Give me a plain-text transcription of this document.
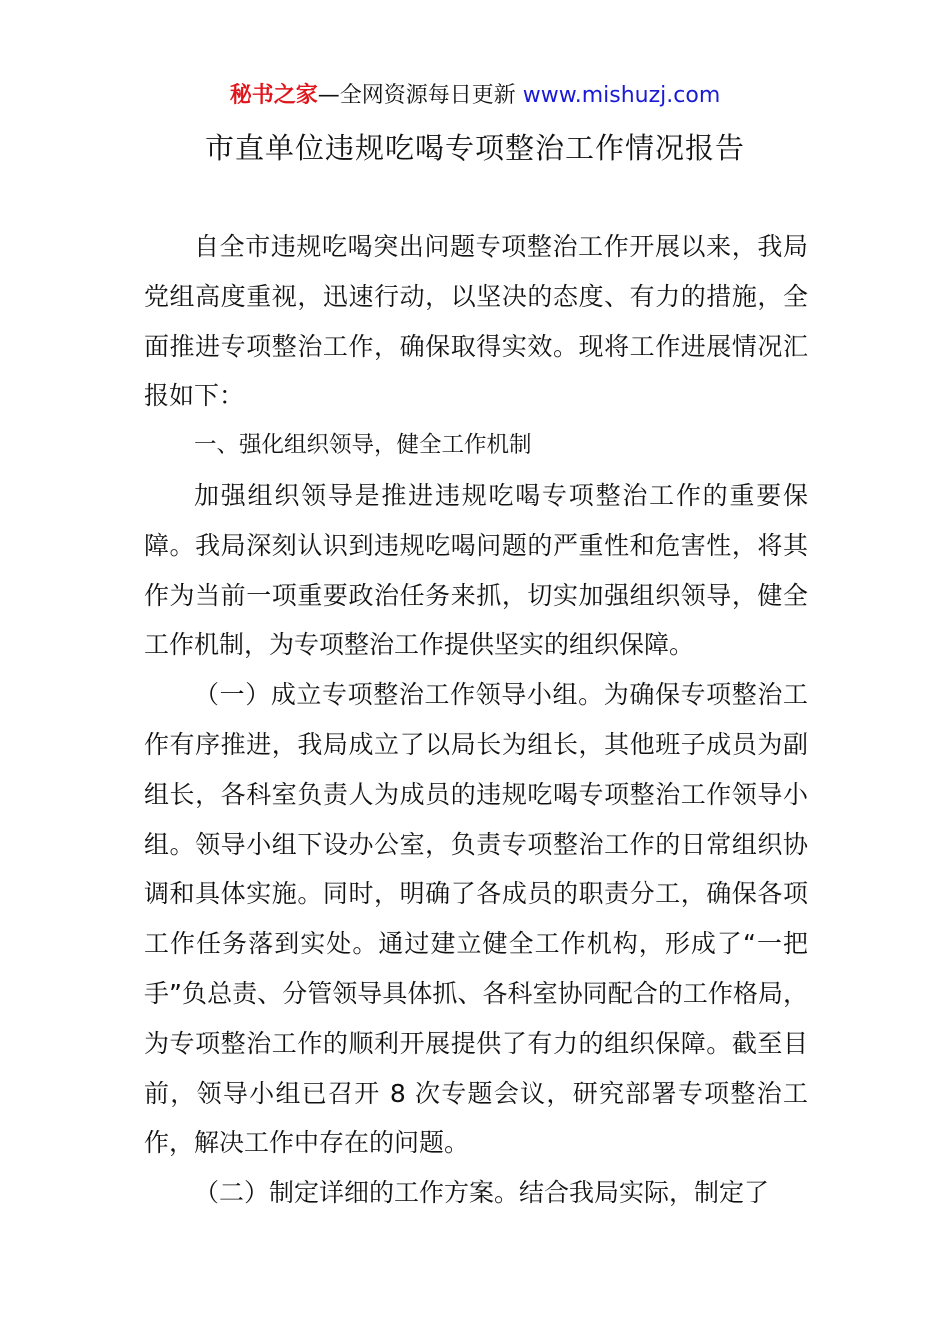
秘书之家—全网资源每日更新 www.mishuzj.com
市直单位违规吃喝专项整治工作情况报告

自全市违规吃喝突出问题专项整治工作开展以来，我局党组高度重视，迅速行动，以坚决的态度、有力的措施，全面推进专项整治工作，确保取得实效。现将工作进展情况汇报如下：

一、强化组织领导，健全工作机制

加强组织领导是推进违规吃喝专项整治工作的重要保障。我局深刻认识到违规吃喝问题的严重性和危害性，将其作为当前一项重要政治任务来抓，切实加强组织领导，健全工作机制，为专项整治工作提供坚实的组织保障。

（一）成立专项整治工作领导小组。为确保专项整治工作有序推进，我局成立了以局长为组长，其他班子成员为副组长，各科室负责人为成员的违规吃喝专项整治工作领导小组。领导小组下设办公室，负责专项整治工作的日常组织协调和具体实施。同时，明确了各成员的职责分工，确保各项工作任务落到实处。通过建立健全工作机构，形成了“一把手”负总责、分管领导具体抓、各科室协同配合的工作格局，为专项整治工作的顺利开展提供了有力的组织保障。截至目前，领导小组已召开 8 次专题会议，研究部署专项整治工作，解决工作中存在的问题。

（二）制定详细的工作方案。结合我局实际，制定了
